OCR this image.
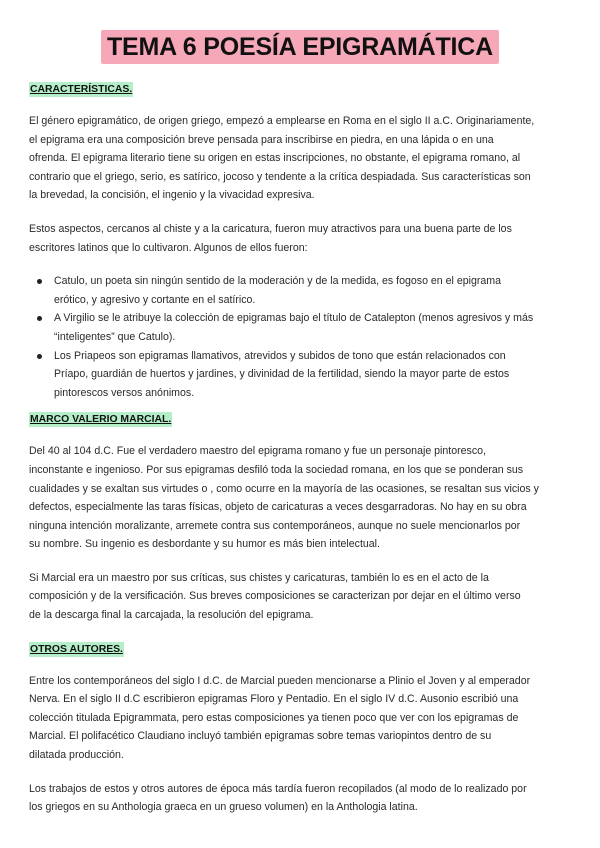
TEMA 6 POESÍA EPIGRAMÁTICA
CARACTERÍSTICAS.

El género epigramático, de origen griego, empezó a emplearse en Roma en el siglo II a.C. Originariamente,
el epigrama era una composición breve pensada para inscribirse en piedra, en una lápida o en una
ofrenda. El epigrama literario tiene su origen en estas inscripciones, no obstante, el epigrama romano, al
contrario que el griego, serio, es satírico, jocoso y tendente a la crítica despiadada. Sus características son
la brevedad, la concisión, el ingenio y la vivacidad expresiva.

Estos aspectos, cercanos al chiste y a la caricatura, fueron muy atractivos para una buena parte de los
escritores latinos que lo cultivaron. Algunos de ellos fueron:

Catulo, un poeta sin ningún sentido de la moderación y de la medida, es fogoso en el epigrama
erótico, y agresivo y cortante en el satírico.
A Virgilio se le atribuye la colección de epigramas bajo el título de Catalepton (menos agresivos y más
“inteligentes” que Catulo).
Los Priapeos son epigramas llamativos, atrevidos y subidos de tono que están relacionados con
Príapo, guardián de huertos y jardines, y divinidad de la fertilidad, siendo la mayor parte de estos
pintorescos versos anónimos.
MARCO VALERIO MARCIAL.

Del 40 al 104 d.C. Fue el verdadero maestro del epigrama romano y fue un personaje pintoresco,
inconstante e ingenioso. Por sus epigramas desfiló toda la sociedad romana, en los que se ponderan sus
cualidades y se exaltan sus virtudes o , como ocurre en la mayoría de las ocasiones, se resaltan sus vicios y
defectos, especialmente las taras físicas, objeto de caricaturas a veces desgarradoras. No hay en su obra
ninguna intención moralizante, arremete contra sus contemporáneos, aunque no suele mencionarlos por
su nombre. Su ingenio es desbordante y su humor es más bien intelectual.

Si Marcial era un maestro por sus críticas, sus chistes y caricaturas, también lo es en el acto de la
composición y de la versificación. Sus breves composiciones se caracterizan por dejar en el último verso
de la descarga final la carcajada, la resolución del epigrama.

OTROS AUTORES.

Entre los contemporáneos del siglo I d.C. de Marcial pueden mencionarse a Plinio el Joven y al emperador
Nerva. En el siglo II d.C escribieron epigramas Floro y Pentadio. En el siglo IV d.C. Ausonio escribió una
colección titulada Epigrammata, pero estas composiciones ya tienen poco que ver con los epigramas de
Marcial. El polifacético Claudiano incluyó también epigramas sobre temas variopintos dentro de su
dilatada producción.

Los trabajos de estos y otros autores de época más tardía fueron recopilados (al modo de lo realizado por
los griegos en su Anthologia graeca en un grueso volumen) en la Anthologia latina.
